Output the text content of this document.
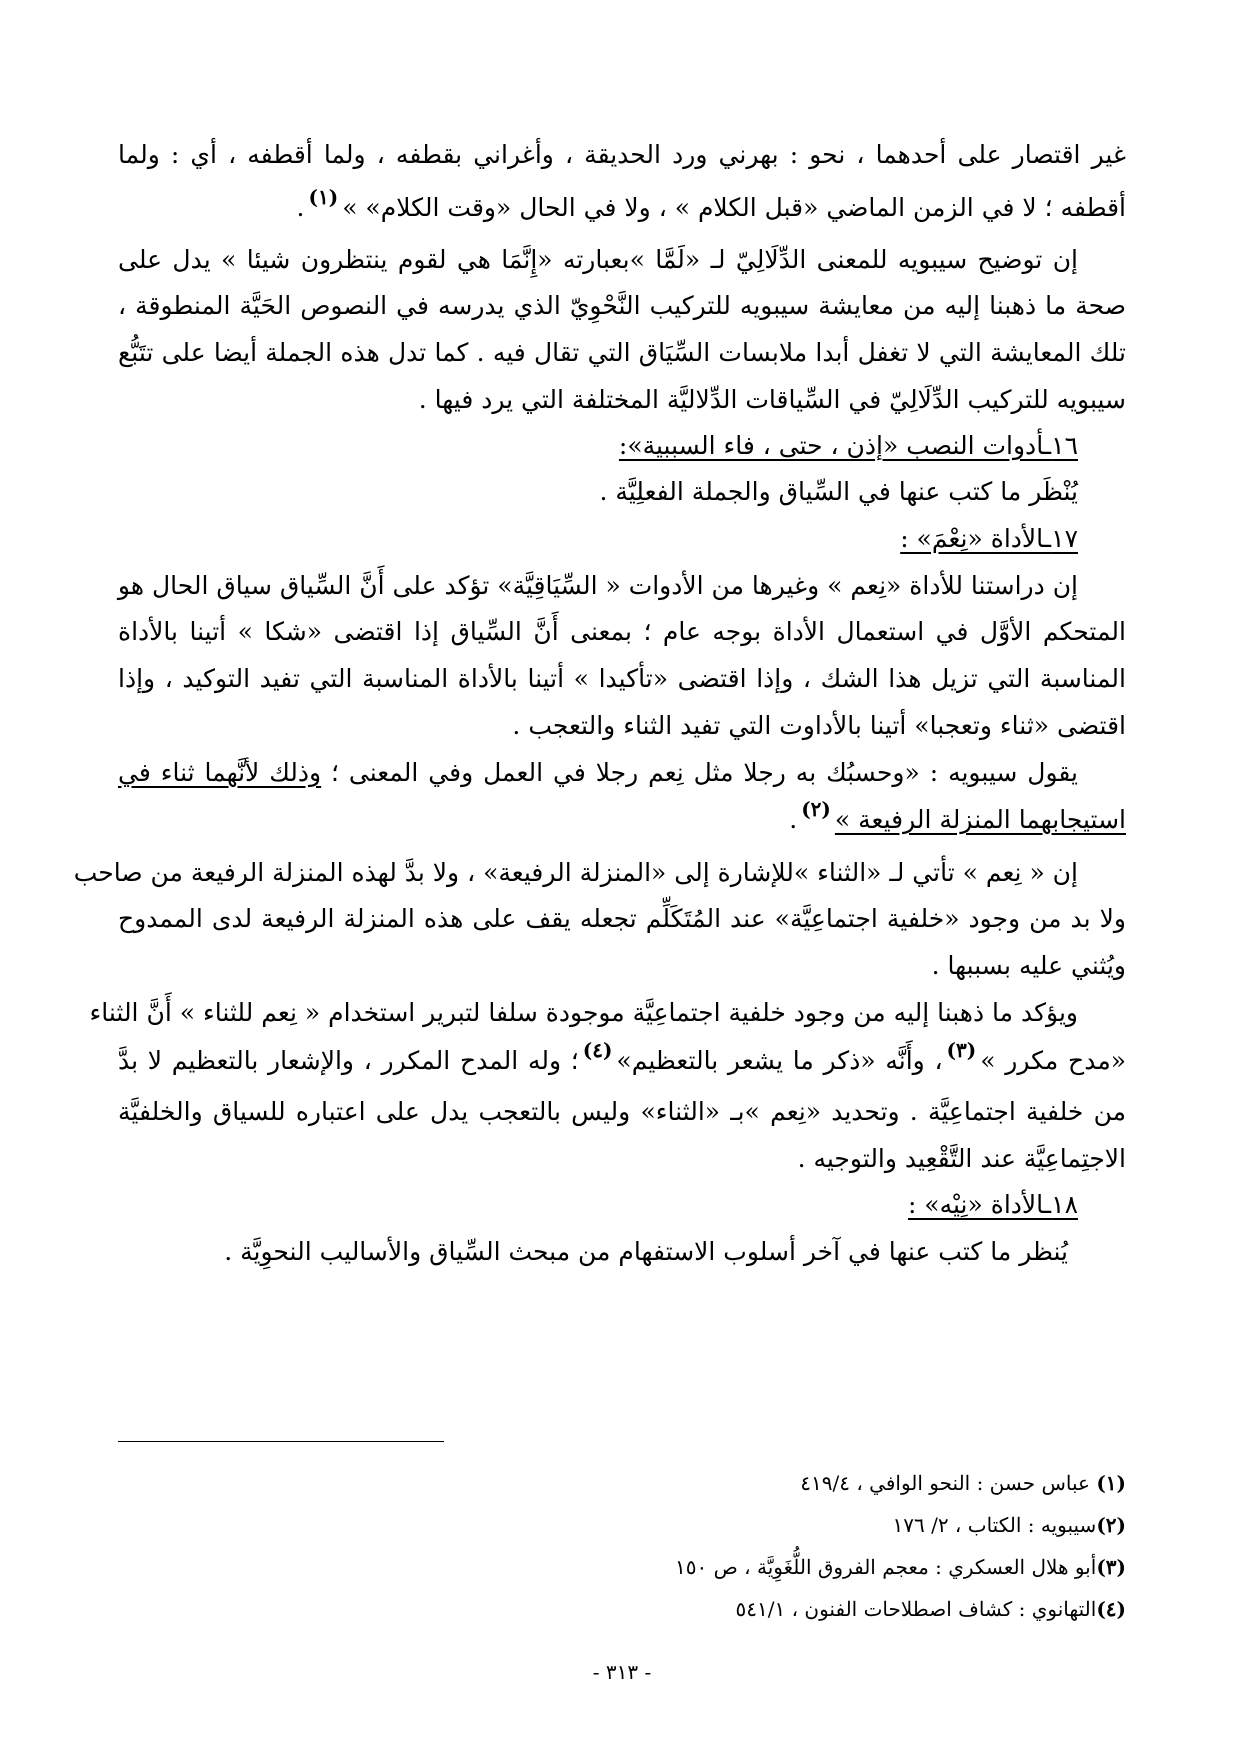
غير اقتصار على أحدهما ، نحو : بهرني ورد الحديقة ، وأغراني بقطفه ، ولما أقطفه ، أي : ولما
أقطفه ؛ لا في الزمن الماضي «قبل الكلام » ، ولا في الحال «وقت الكلام» »$^{(١)}$.
إن توضيح سيبويه للمعنى الدِّلَالِيّ لـ «لَمَّا »بعبارته «إِنَّمَا هي لقوم ينتظرون شيئا » يدل على
صحة ما ذهبنا إليه من معايشة سيبويه للتركيب النَّحْوِيّ الذي يدرسه في النصوص الحَيَّة المنطوقة ،
تلك المعايشة التي لا تغفل أبدا ملابسات السِّيَاق التي تقال فيه . كما تدل هذه الجملة أيضا على تتَبُّع
سيبويه للتركيب الدِّلَالِيّ في السِّياقات الدِّلاليَّة المختلفة التي يرد فيها .
١٦ـأدوات النصب «إذن ، حتى ، فاء السببية»:
يُنْظَر ما كتب عنها في السِّياق والجملة الفعلِيَّة .
١٧ـالأداة «نِعْمَ» :
إن دراستنا للأداة «نِعم » وغيرها من الأدوات « السِّيَاقِيَّة» تؤكد على أَنَّ السِّياق سياق الحال هو
المتحكم الأوَّل في استعمال الأداة بوجه عام ؛ بمعنى أَنَّ السِّياق إذا اقتضى «شكا » أتينا بالأداة
المناسبة التي تزيل هذا الشك ، وإذا اقتضى «تأكيدا » أتينا بالأداة المناسبة التي تفيد التوكيد ، وإذا
اقتضى «ثناء وتعجبا» أتينا بالأداوت التي تفيد الثناء والتعجب .
يقول سيبويه : «وحسبُك به رجلا مثل نِعم رجلا في العمل وفي المعنى ؛ وذلك لأنَّهما ثناء في
استيجابهما المنزلة الرفيعة »$^{(٢)}$.
إن « نِعم » تأتي لـ «الثناء »للإشارة إلى «المنزلة الرفيعة» ، ولا بدَّ لهذه المنزلة الرفيعة من صاحب
ولا بد من وجود «خلفية اجتماعِيَّة» عند المُتَكَلِّم تجعله يقف على هذه المنزلة الرفيعة لدى الممدوح
ويُثني عليه بسببها .
ويؤكد ما ذهبنا إليه من وجود خلفية اجتماعِيَّة موجودة سلفا لتبرير استخدام « نِعم للثناء » أَنَّ الثناء
«مدح مكرر »$^{(٣)}$، وأَنَّه «ذكر ما يشعر بالتعظيم»$^{(٤)}$؛ وله المدح المكرر ، والإشعار بالتعظيم لا بدَّ
من خلفية اجتماعِيَّة . وتحديد «نِعم »بـ «الثناء» وليس بالتعجب يدل على اعتباره للسياق والخلفيَّة
الاجتِماعِيَّة عند التَّقْعِيد والتوجيه .
١٨ـالأداة «نِيْه» :
يُنظر ما كتب عنها في آخر أسلوب الاستفهام من مبحث السِّياق والأساليب النحوِيَّة .
(١) عباس حسن : النحو الوافي ، ٤١٩/٤
(٢)سيبويه : الكتاب ، ٢/ ١٧٦
(٣)أبو هلال العسكري : معجم الفروق اللُّغَوِيَّة ، ص ١٥٠
(٤)التهانوي : كشاف اصطلاحات الفنون ، ٥٤١/١
- ٣١٣ -
